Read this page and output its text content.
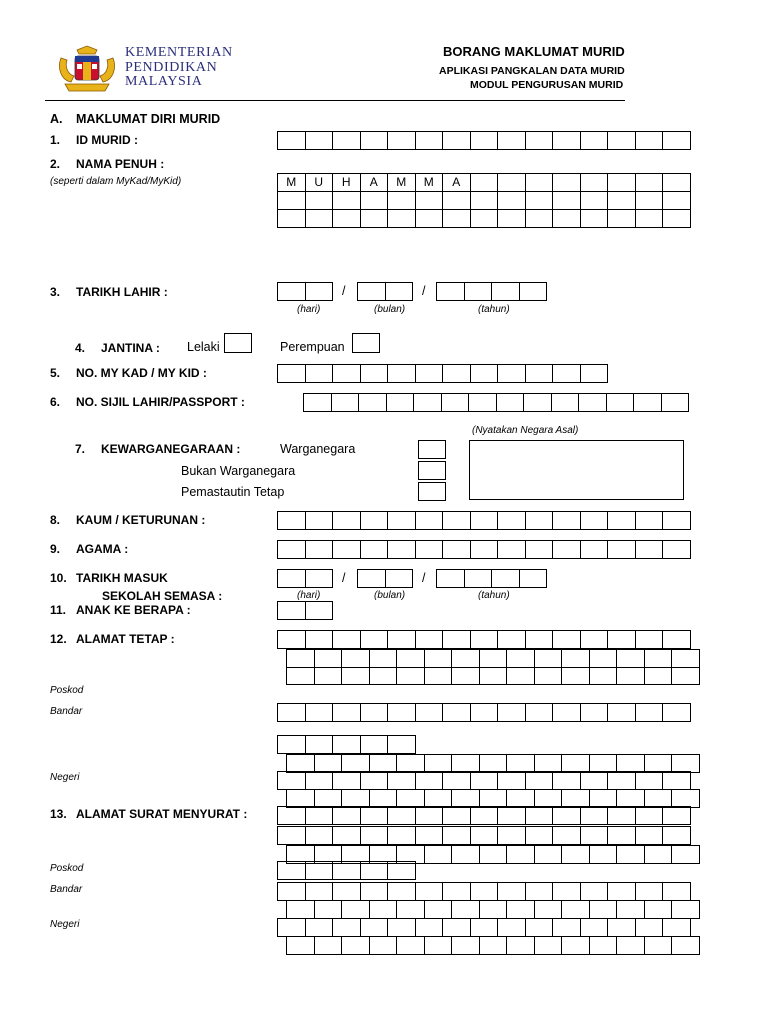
KEMENTERIAN
PENDIDIKAN
MALAYSIA
BORANG MAKLUMAT MURID
APLIKASI PANGKALAN DATA MURID
MODUL PENGURUSAN MURID
A. MAKLUMAT DIRI MURID
1. ID MURID :
2. NAMA PENUH :
(seperti dalam MyKad/MyKid)	M	U	H	A	M	M	A
3. TARIKH LAHIR :	/	/
(hari)	(bulan)	(tahun)
4. JANTINA : Lelaki	Perempuan
5. NO. MY KAD / MY KID :
6. NO. SIJIL LAHIR/PASSPORT :
(Nyatakan Negara Asal)
7. KEWARGANEGARAAN :	Warganegara
Bukan Warganegara
Pemastautin Tetap
8. KAUM / KETURUNAN :
9. AGAMA :
10. TARIKH MASUK
SEKOLAH SEMASA :
/	/
(hari)	(bulan)	(tahun)
11. ANAK KE BERAPA :
12. ALAMAT TETAP :
Poskod
Bandar
Negeri
13. ALAMAT SURAT MENYURAT :
Poskod
Bandar
Negeri
